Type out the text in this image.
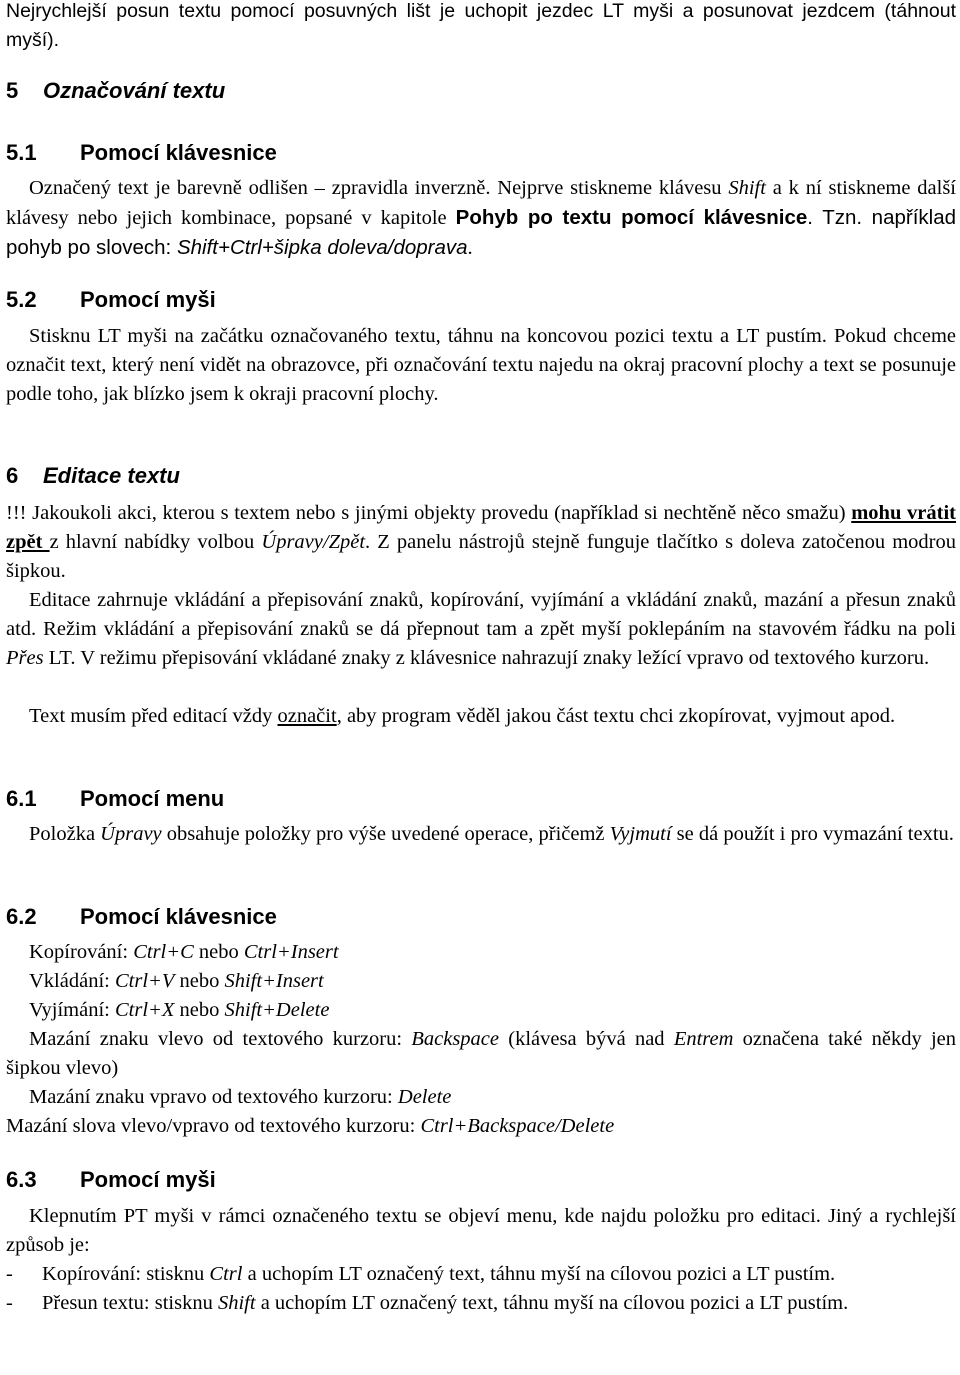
Nejrychlejší posun textu pomocí posuvných lišt je uchopit jezdec LT myši a posunovat jezdcem (táhnout myší).

5 Označování textu
5.1 Pomocí klávesnice

Označený text je barevně odlišen – zpravidla inverzně. Nejprve stiskneme klávesu Shift a k ní stiskneme další klávesy nebo jejich kombinace, popsané v kapitole Pohyb po textu pomocí klávesnice. Tzn. například pohyb po slovech: Shift+Ctrl+šipka doleva/doprava.

5.2 Pomocí myši

Stisknu LT myši na začátku označovaného textu, táhnu na koncovou pozici textu a LT pustím. Pokud chceme označit text, který není vidět na obrazovce, při označování textu najedu na okraj pracovní plochy a text se posunuje podle toho, jak blízko jsem k okraji pracovní plochy.

6 Editace textu

!!! Jakoukoli akci, kterou s textem nebo s jinými objekty provedu (například si nechtěně něco smažu) mohu vrátit zpět z hlavní nabídky volbou Úpravy/Zpět. Z panelu nástrojů stejně funguje tlačítko s doleva zatočenou modrou šipkou.

Editace zahrnuje vkládání a přepisování znaků, kopírování, vyjímání a vkládání znaků, mazání a přesun znaků atd. Režim vkládání a přepisování znaků se dá přepnout tam a zpět myší poklepáním na stavovém řádku na poli Přes LT. V režimu přepisování vkládané znaky z klávesnice nahrazují znaky ležící vpravo od textového kurzoru.

Text musím před editací vždy označit, aby program věděl jakou část textu chci zkopírovat, vyjmout apod.

6.1 Pomocí menu

Položka Úpravy obsahuje položky pro výše uvedené operace, přičemž Vyjmutí se dá použít i pro vymazání textu.

6.2 Pomocí klávesnice
Kopírování: Ctrl+C nebo Ctrl+Insert
Vkládání: Ctrl+V nebo Shift+Insert
Vyjímání: Ctrl+X nebo Shift+Delete

Mazání znaku vlevo od textového kurzoru: Backspace (klávesa bývá nad Entrem označena také někdy jen šipkou vlevo)

Mazání znaku vpravo od textového kurzoru: Delete
Mazání slova vlevo/vpravo od textového kurzoru: Ctrl+Backspace/Delete
6.3 Pomocí myši

Klepnutím PT myši v rámci označeného textu se objeví menu, kde najdu položku pro editaci. Jiný a rychlejší způsob je:

-	Kopírování: stisknu Ctrl a uchopím LT označený text, táhnu myší na cílovou pozici a LT pustím.
-	Přesun textu: stisknu Shift a uchopím LT označený text, táhnu myší na cílovou pozici a LT pustím.
